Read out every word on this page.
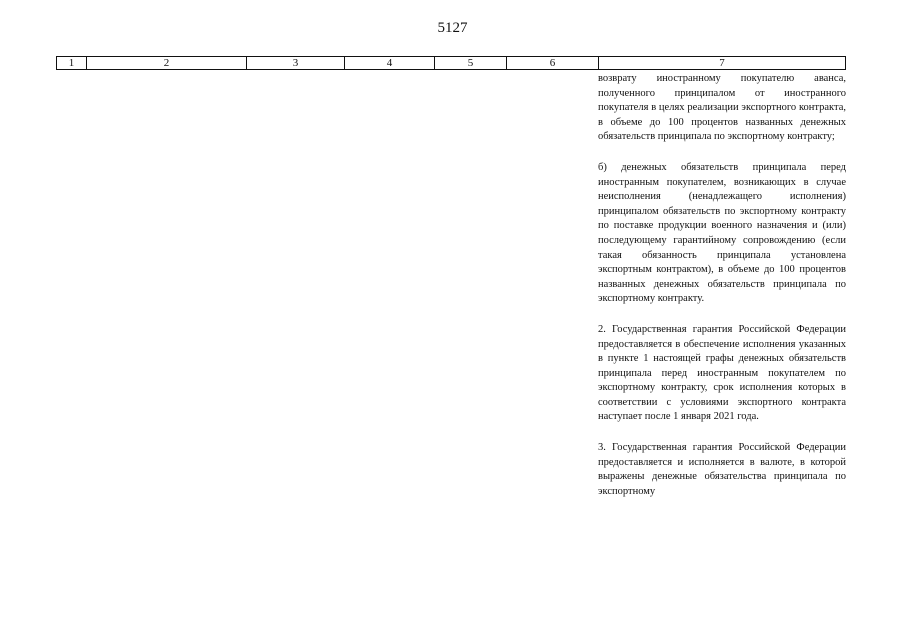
5127
1	2	3	4	5	6	7

возврату иностранному покупателю аванса, полученного принципалом от иностранного покупателя в целях реализации экспортного контракта, в объеме до 100 процентов названных денежных обязательств принципала по экспортному контракту;

б) денежных обязательств принципала перед иностранным покупателем, возникающих в случае неисполнения (ненадлежащего исполнения) принципалом обязательств по экспортному контракту по поставке продукции военного назначения и (или) последующему гарантийному сопровождению (если такая обязанность принципала установлена экспортным контрактом), в объеме до 100 процентов названных денежных обязательств принципала по экспортному контракту.

2. Государственная гарантия Российской Федерации предоставляется в обеспечение исполнения указанных в пункте 1 настоящей графы денежных обязательств принципала перед иностранным покупателем по экспортному контракту, срок исполнения которых в соответствии с условиями экспортного контракта наступает после 1 января 2021 года.

3. Государственная гарантия Российской Федерации предоставляется и исполняется в валюте, в которой выражены денежные обязательства принципала по экспортному
